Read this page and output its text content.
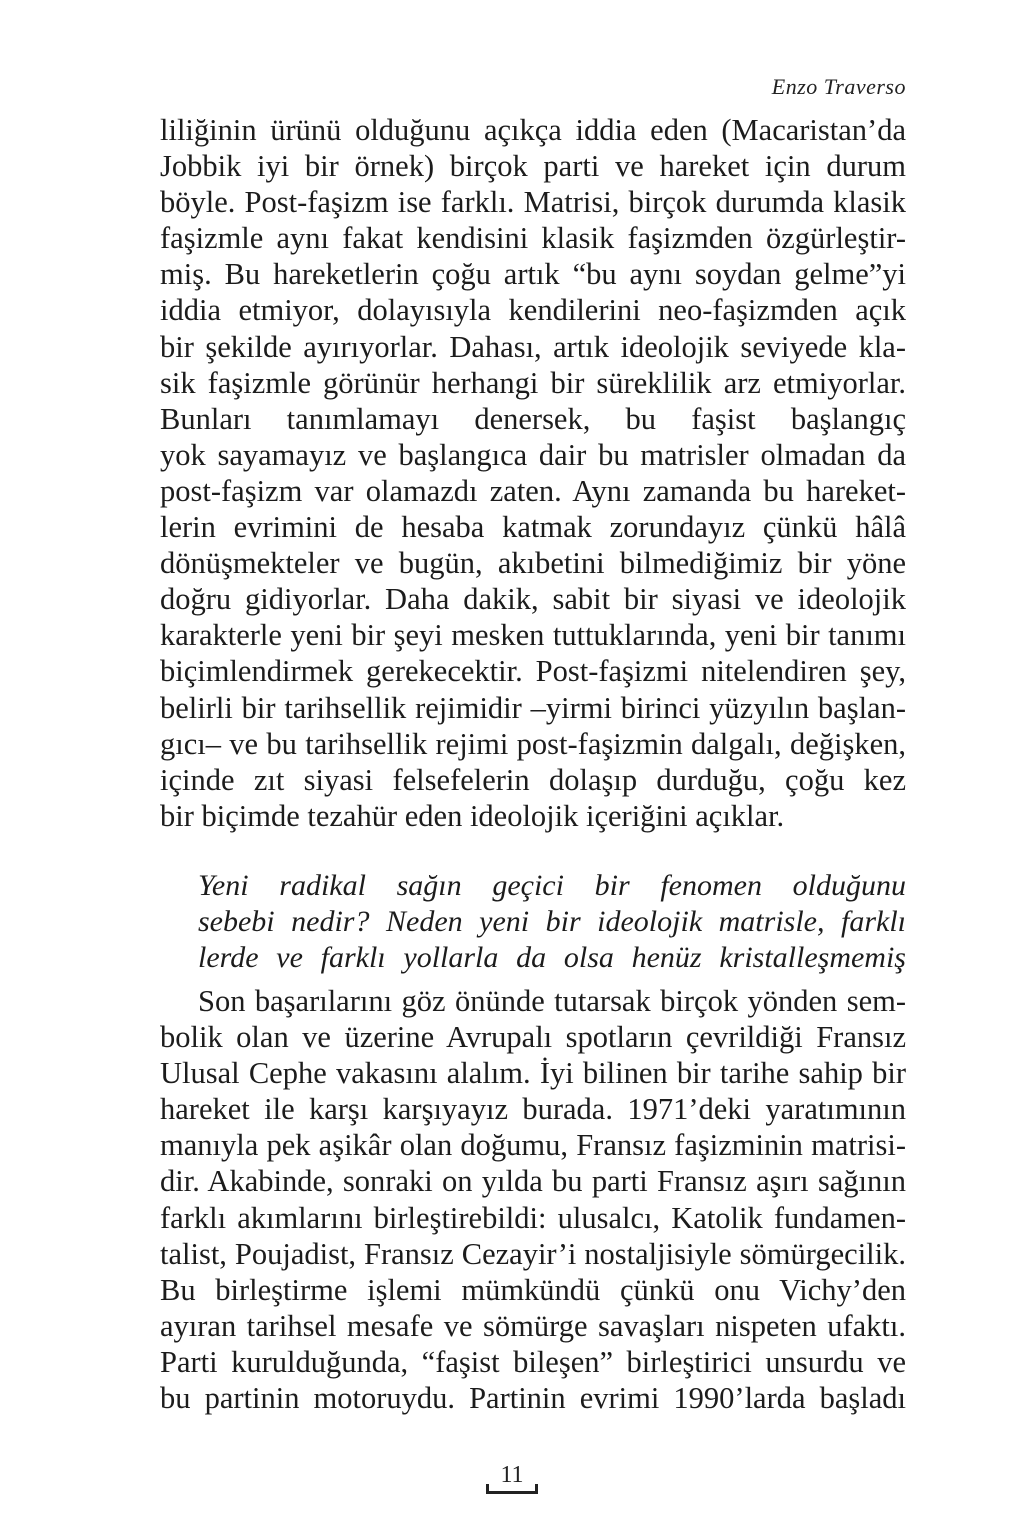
Enzo Traverso
liliğinin ürünü olduğunu açıkça iddia eden (Macaristan’da
Jobbik iyi bir örnek) birçok parti ve hareket için durum
böyle. Post-faşizm ise farklı. Matrisi, birçok durumda klasik
faşizmle aynı fakat kendisini klasik faşizmden özgürleştir-
miş. Bu hareketlerin çoğu artık “bu aynı soydan gelme”yi
iddia etmiyor, dolayısıyla kendilerini neo-faşizmden açık
bir şekilde ayırıyorlar. Dahası, artık ideolojik seviyede kla-
sik faşizmle görünür herhangi bir süreklilik arz etmiyorlar.
Bunları tanımlamayı denersek, bu faşist başlangıç
yok sayamayız ve başlangıca dair bu matrisler olmadan da
post-faşizm var olamazdı zaten. Aynı zamanda bu hareket-
lerin evrimini de hesaba katmak zorundayız çünkü hâlâ
dönüşmekteler ve bugün, akıbetini bilmediğimiz bir yöne
doğru gidiyorlar. Daha dakik, sabit bir siyasi ve ideolojik
karakterle yeni bir şeyi mesken tuttuklarında, yeni bir tanımı
biçimlendirmek gerekecektir. Post-faşizmi nitelendiren şey,
belirli bir tarihsellik rejimidir –yirmi birinci yüzyılın başlan-
gıcı– ve bu tarihsellik rejimi post-faşizmin dalgalı, değişken,
içinde zıt siyasi felsefelerin dolaşıp durduğu, çoğu kez
bir biçimde tezahür eden ideolojik içeriğini açıklar.
Yeni radikal sağın geçici bir fenomen olduğunu
sebebi nedir? Neden yeni bir ideolojik matrisle, farklı
lerde ve farklı yollarla da olsa henüz kristalleşmemiş
Son başarılarını göz önünde tutarsak birçok yönden sem-
bolik olan ve üzerine Avrupalı spotların çevrildiği Fransız
Ulusal Cephe vakasını alalım. İyi bilinen bir tarihe sahip bir
hareket ile karşı karşıyayız burada. 1971’deki yaratımının
manıyla pek aşikâr olan doğumu, Fransız faşizminin matrisi-
dir. Akabinde, sonraki on yılda bu parti Fransız aşırı sağının
farklı akımlarını birleştirebildi: ulusalcı, Katolik fundamen-
talist, Poujadist, Fransız Cezayir’i nostaljisiyle sömürgecilik.
Bu birleştirme işlemi mümkündü çünkü onu Vichy’den
ayıran tarihsel mesafe ve sömürge savaşları nispeten ufaktı.
Parti kurulduğunda, “faşist bileşen” birleştirici unsurdu ve
bu partinin motoruydu. Partinin evrimi 1990’larda başladı
11
